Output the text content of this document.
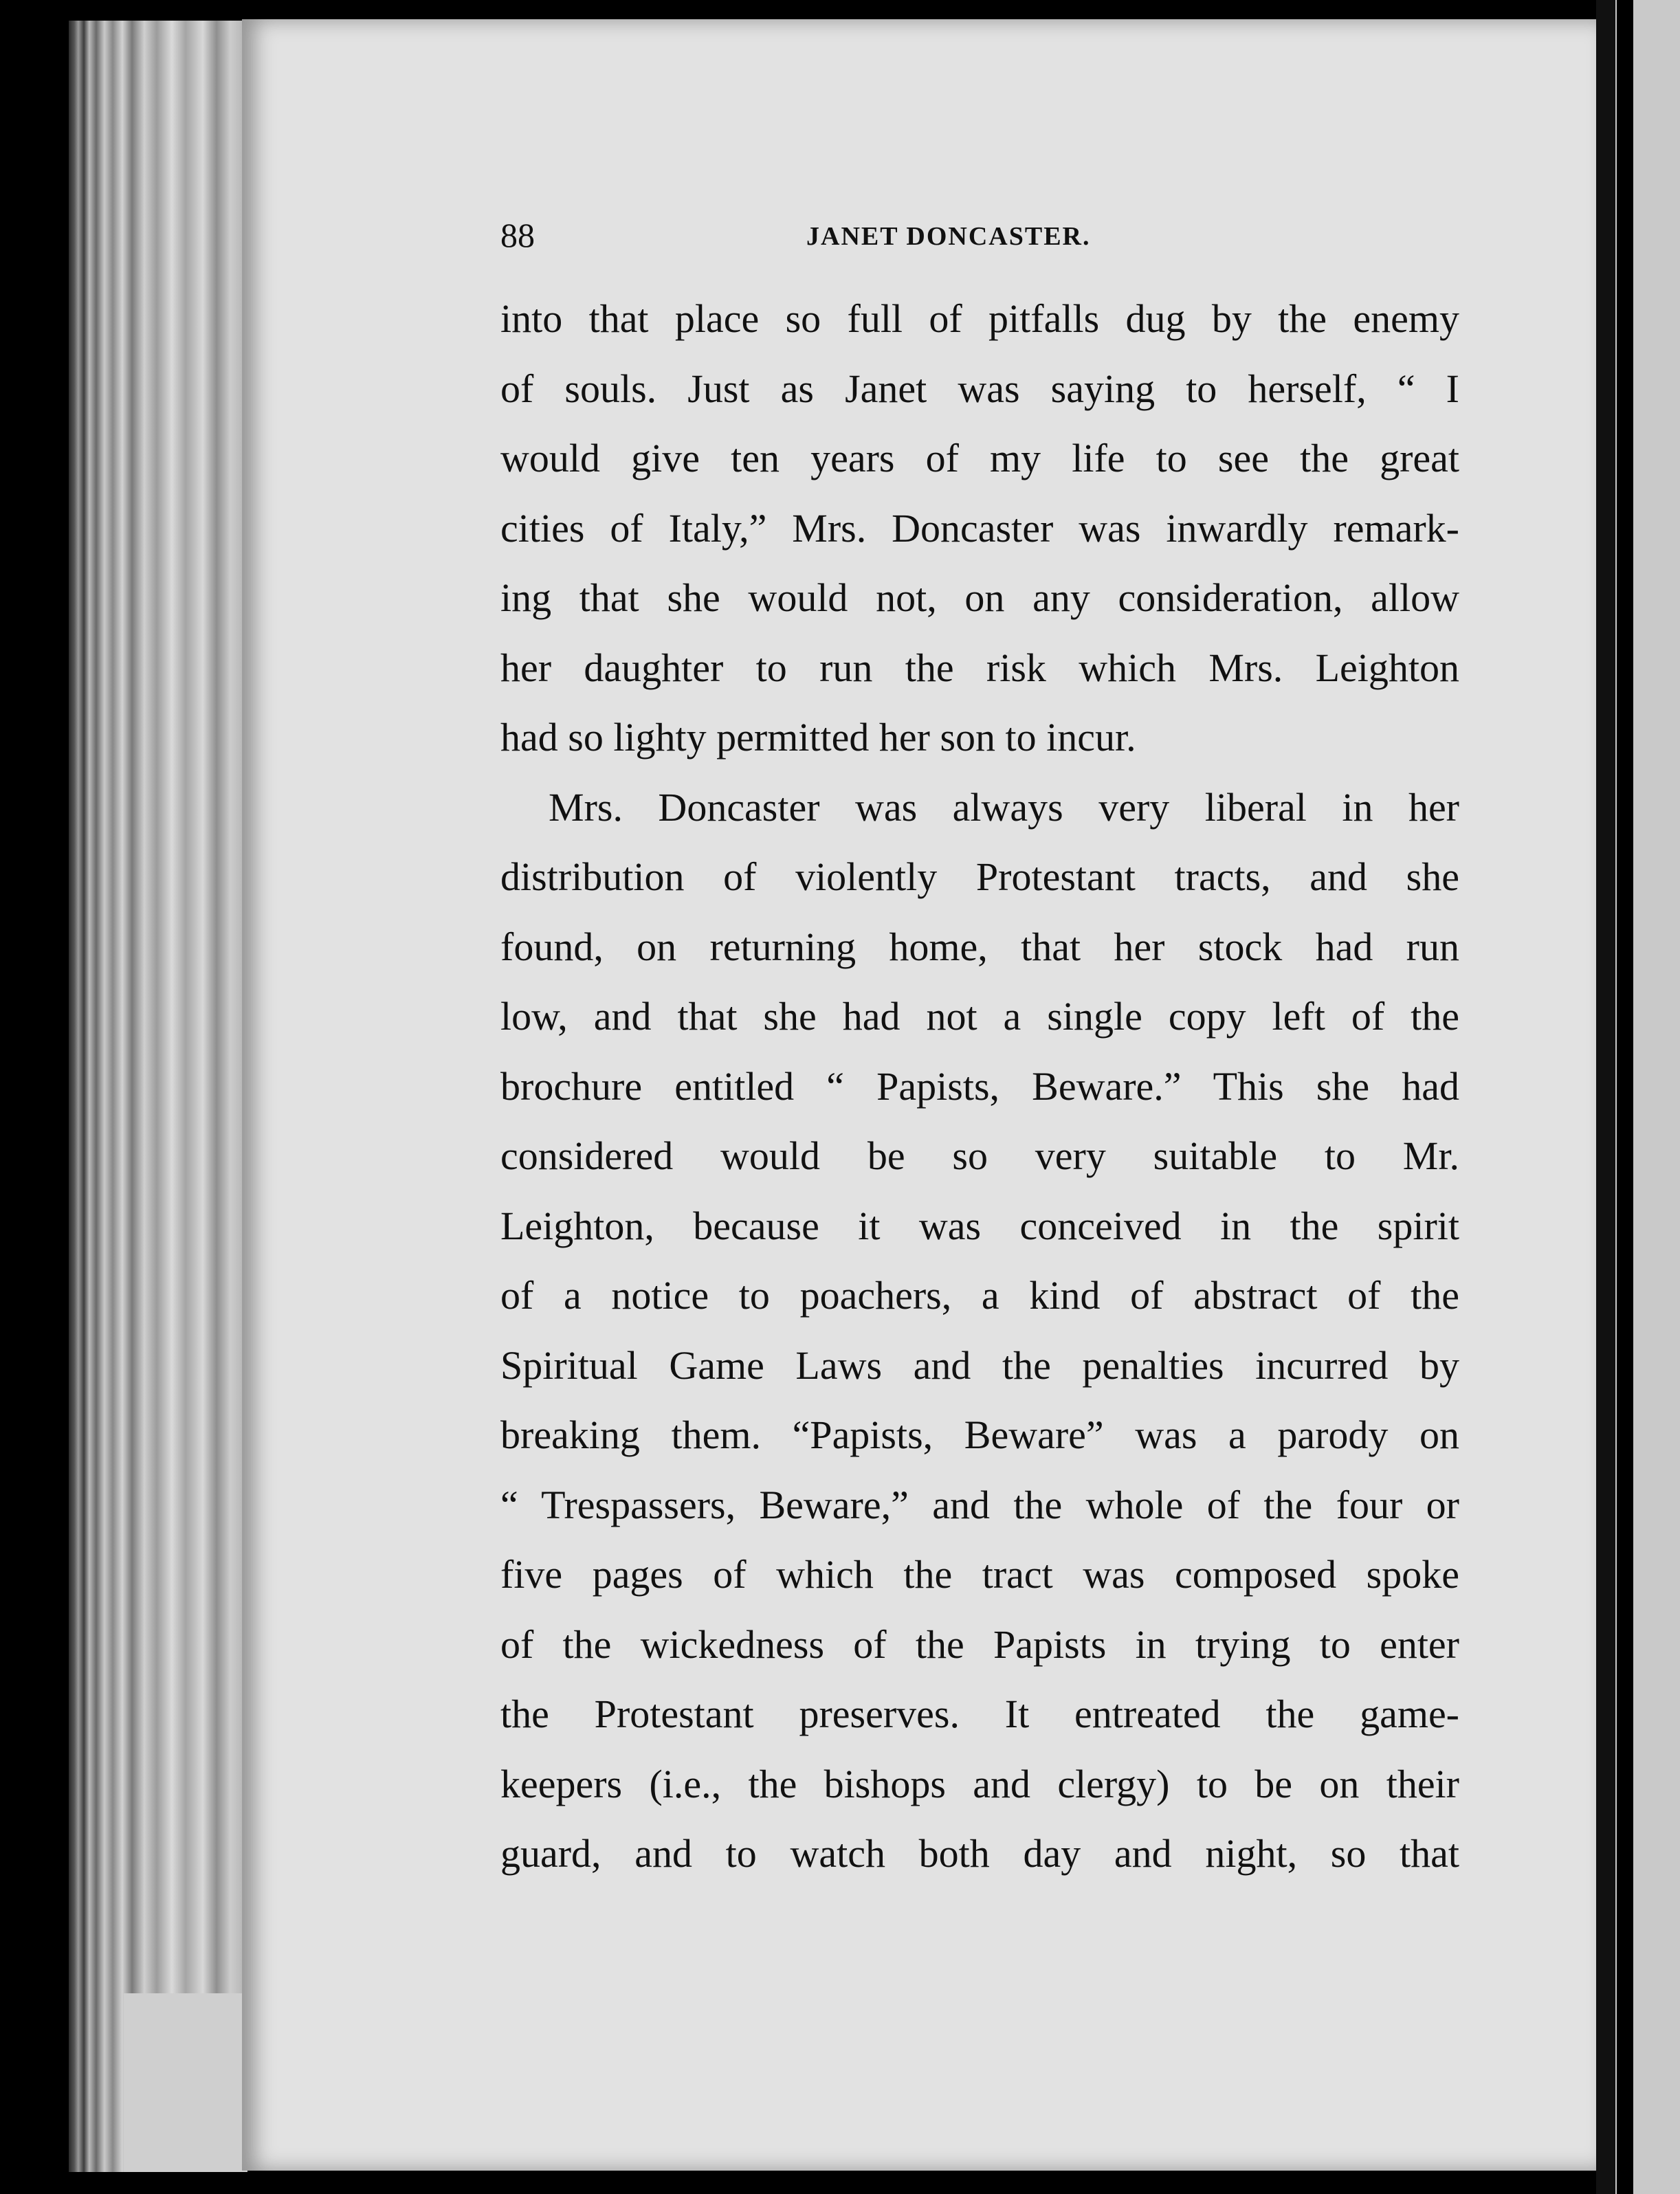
88	JANET DONCASTER.
into that place so full of pitfalls dug by the enemy
of souls. Just as Janet was saying to herself, “ I
would give ten years of my life to see the great
cities of Italy,” Mrs. Doncaster was inwardly remark-
ing that she would not, on any consideration, allow
her daughter to run the risk which Mrs. Leighton
had so lighty permitted her son to incur.
Mrs. Doncaster was always very liberal in her
distribution of violently Protestant tracts, and she
found, on returning home, that her stock had run
low, and that she had not a single copy left of the
brochure entitled “ Papists, Beware.” This she had
considered would be so very suitable to Mr.
Leighton, because it was conceived in the spirit
of a notice to poachers, a kind of abstract of the
Spiritual Game Laws and the penalties incurred by
breaking them. “Papists, Beware” was a parody on
“ Trespassers, Beware,” and the whole of the four or
five pages of which the tract was composed spoke
of the wickedness of the Papists in trying to enter
the Protestant preserves. It entreated the game-
keepers (i.e., the bishops and clergy) to be on their
guard, and to watch both day and night, so that
